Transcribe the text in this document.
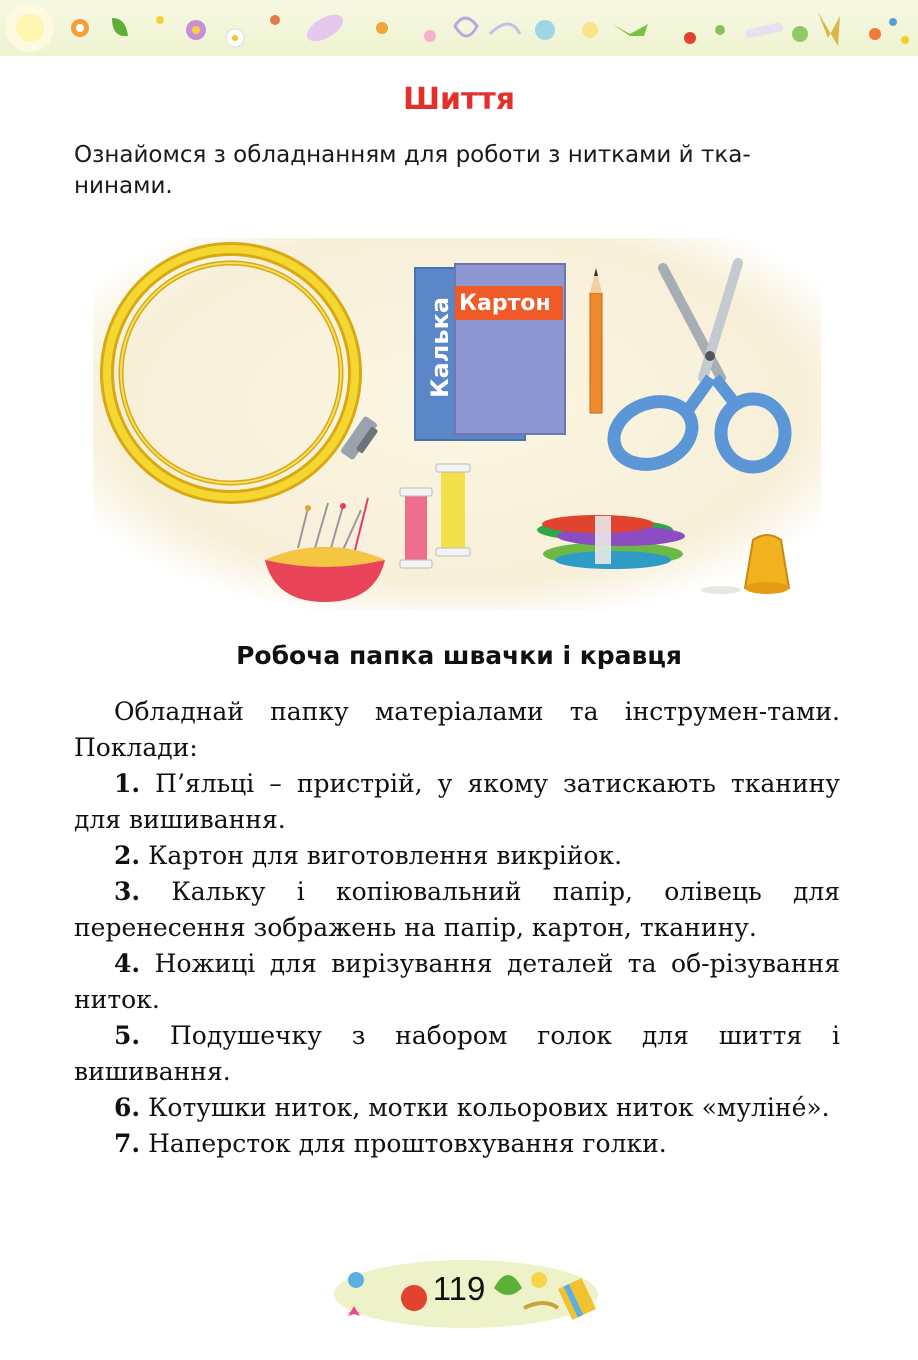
Шиття
Ознайомся з обладнанням для роботи з нитками й тка-
нинами.
Калька Картон
Робоча папка швачки і кравця

Обладнай папку матеріалами та інструмен-тами. Поклади:

1. П’яльці – пристрій, у якому затискають тканину для вишивання.

2. Картон для виготовлення викрійок.

3. Кальку і копіювальний папір, олівець для перенесення зображень на папір, картон, тканину.

4. Ножиці для вирізування деталей та об-різування ниток.

5. Подушечку з набором голок для шиття і вишивання.

6. Котушки ниток, мотки кольорових ниток «муліне́».

7. Наперсток для проштовхування голки.

119
